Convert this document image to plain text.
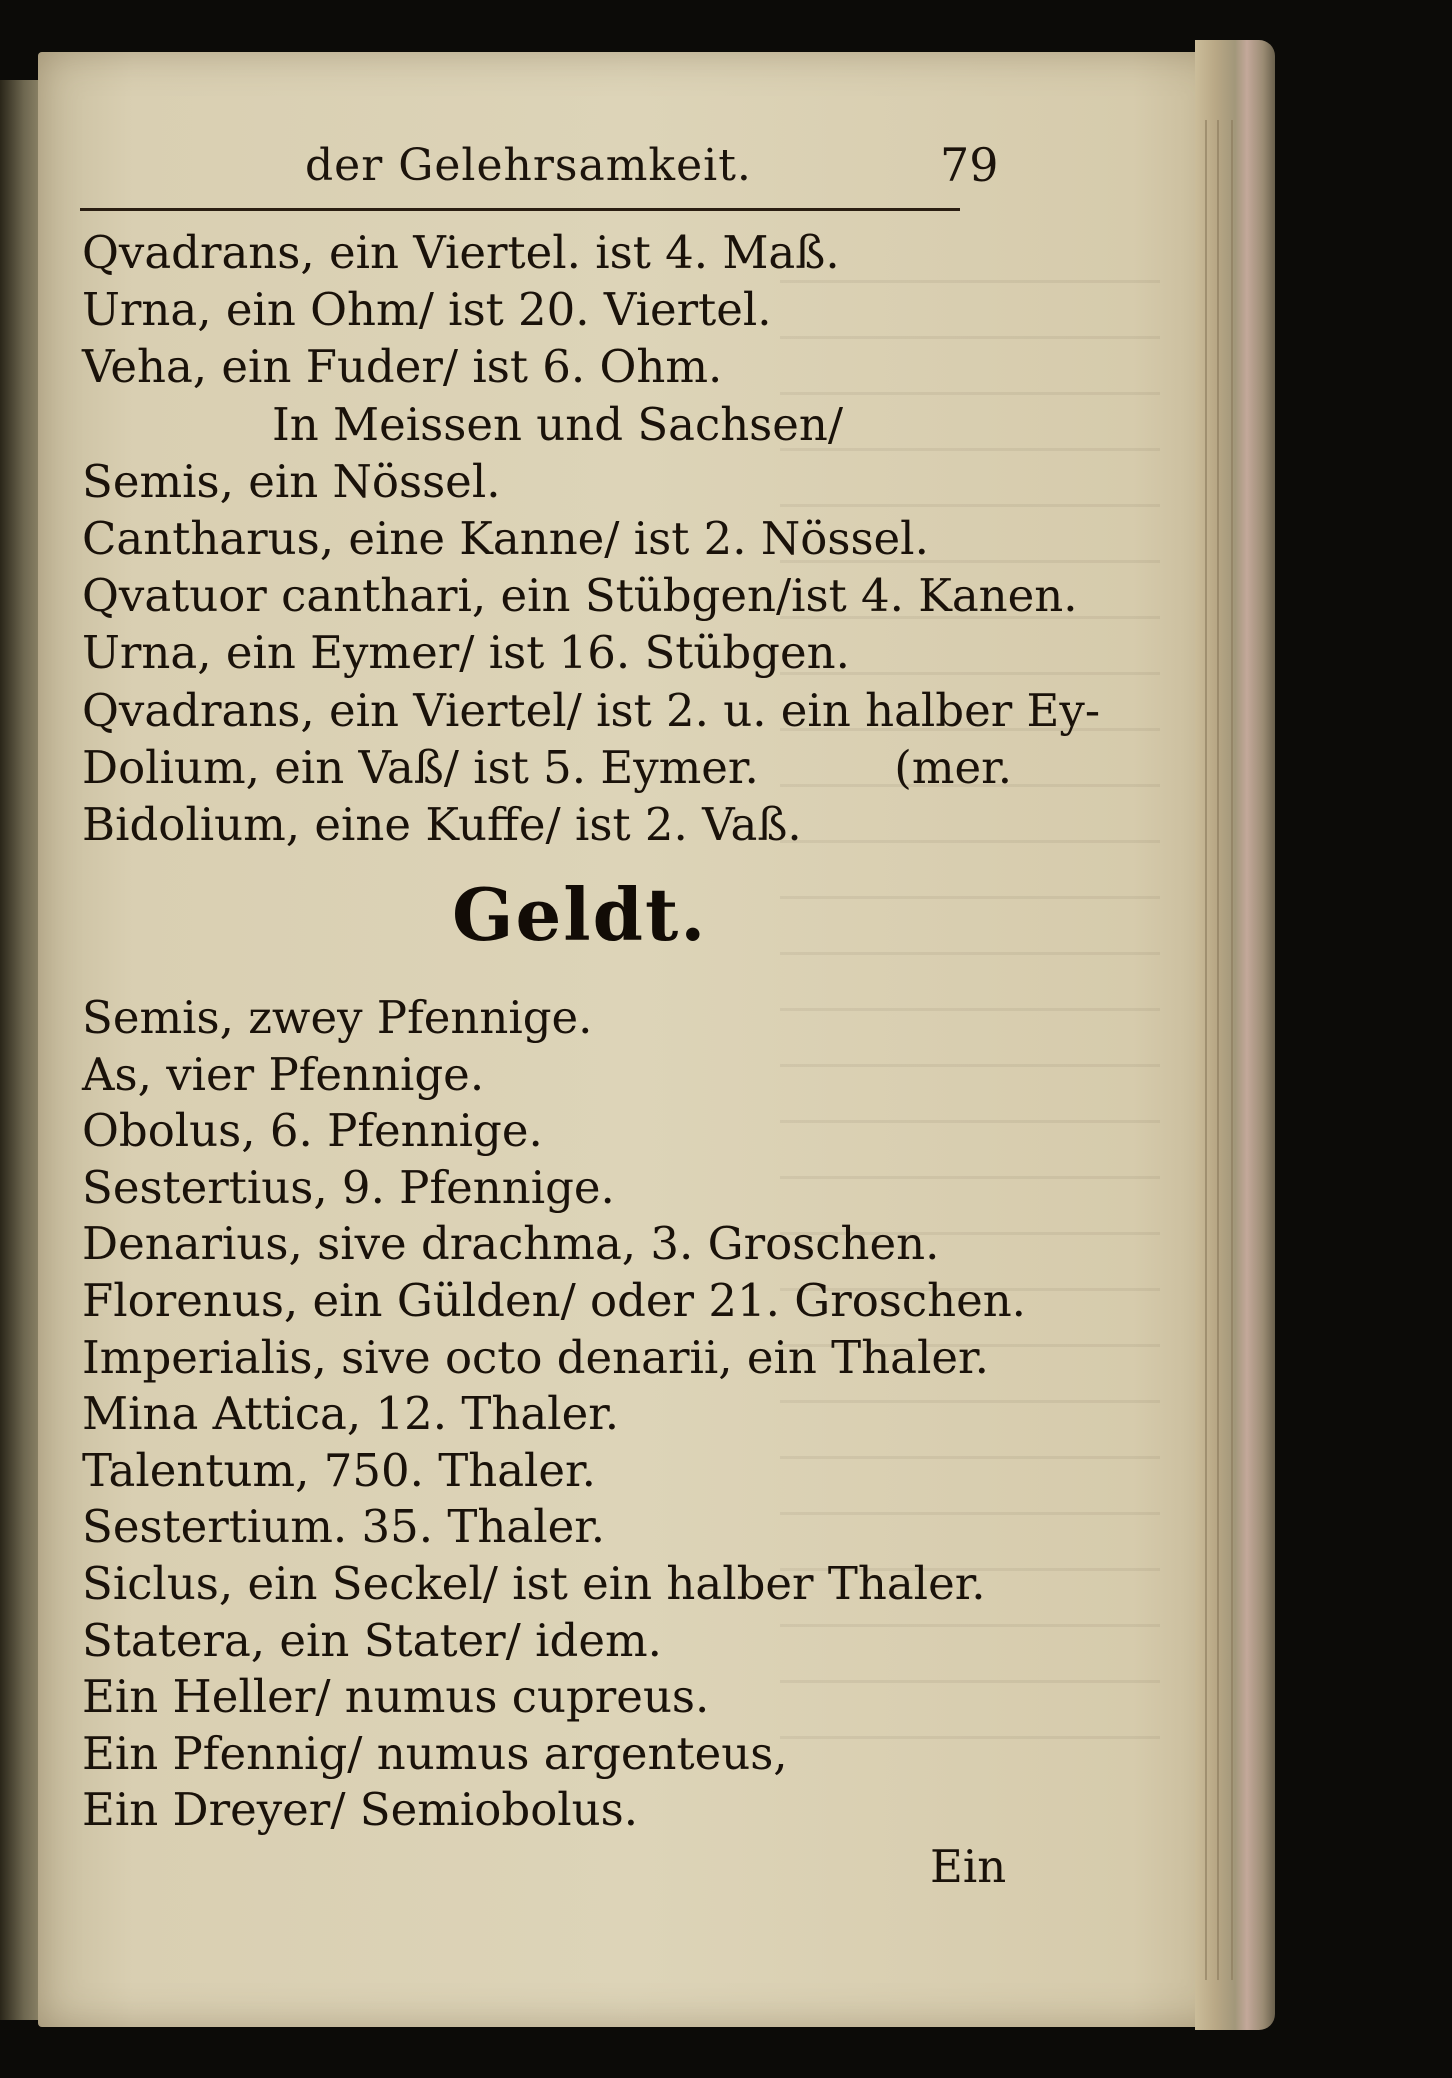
der Gelehrsamkeit.	79
Qvadrans, ein Viertel. ist 4. Maß.
Urna, ein Ohm/ ist 20. Viertel.
Veha, ein Fuder/ ist 6. Ohm.
In Meissen und Sachsen/
Semis, ein Nössel.
Cantharus, eine Kanne/ ist 2. Nössel.
Qvatuor canthari, ein Stübgen/ist 4. Kanen.
Urna, ein Eymer/ ist 16. Stübgen.
Qvadrans, ein Viertel/ ist 2. u. ein halber Ey-
Dolium, ein Vaß/ ist 5. Eymer.	(mer.
Bidolium, eine Kuffe/ ist 2. Vaß.
Geldt.
Semis, zwey Pfennige.
As, vier Pfennige.
Obolus, 6. Pfennige.
Sestertius, 9. Pfennige.
Denarius, sive drachma, 3. Groschen.
Florenus, ein Gülden/ oder 21. Groschen.
Imperialis, sive octo denarii, ein Thaler.
Mina Attica, 12. Thaler.
Talentum, 750. Thaler.
Sestertium. 35. Thaler.
Siclus, ein Seckel/ ist ein halber Thaler.
Statera, ein Stater/ idem.
Ein Heller/ numus cupreus.
Ein Pfennig/ numus argenteus,
Ein Dreyer/ Semiobolus.
Ein
